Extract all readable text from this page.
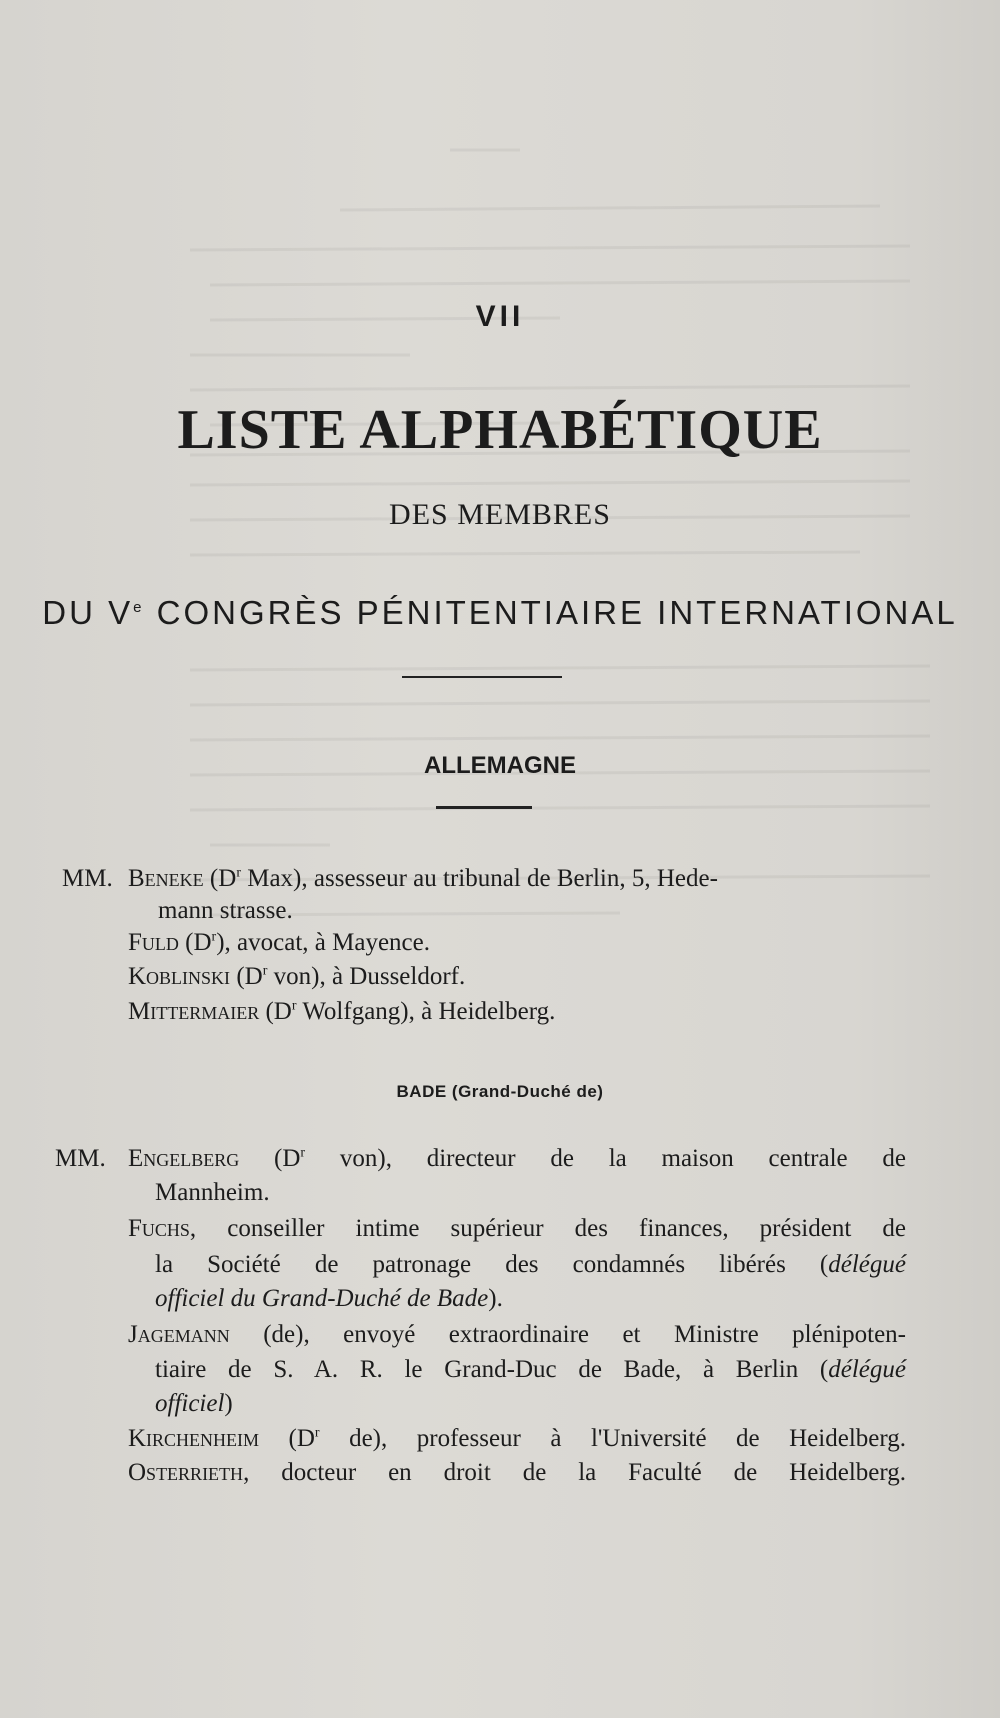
VII
LISTE ALPHABÉTIQUE
DES MEMBRES
DU Ve CONGRÈS PÉNITENTIAIRE INTERNATIONAL
ALLEMAGNE
MM. Beneke ($D^r$ Max), assesseur au tribunal de Berlin, 5, Hede-
mann strasse.
Fuld $(D^r)$, avocat, à Mayence.
Koblinski ($D^r$ von), à Dusseldorf.
Mittermaier ($D^r$ Wolfgang), à Heidelberg.
BADE (Grand-Duché de)
MM. Engelberg ($D^r$ von), directeur de la maison centrale de
Mannheim.
Fuchs, conseiller intime supérieur des finances, président de
la Société de patronage des condamnés libérés (délégué
officiel du Grand-Duché de Bade).
Jagemann (de), envoyé extraordinaire et Ministre plénipoten-
tiaire de S. A. R. le Grand-Duc de Bade, à Berlin (délégué
officiel)
Kirchenheim ($D^r$ de), professeur à l'Université de Heidelberg.
Osterrieth, docteur en droit de la Faculté de Heidelberg.
